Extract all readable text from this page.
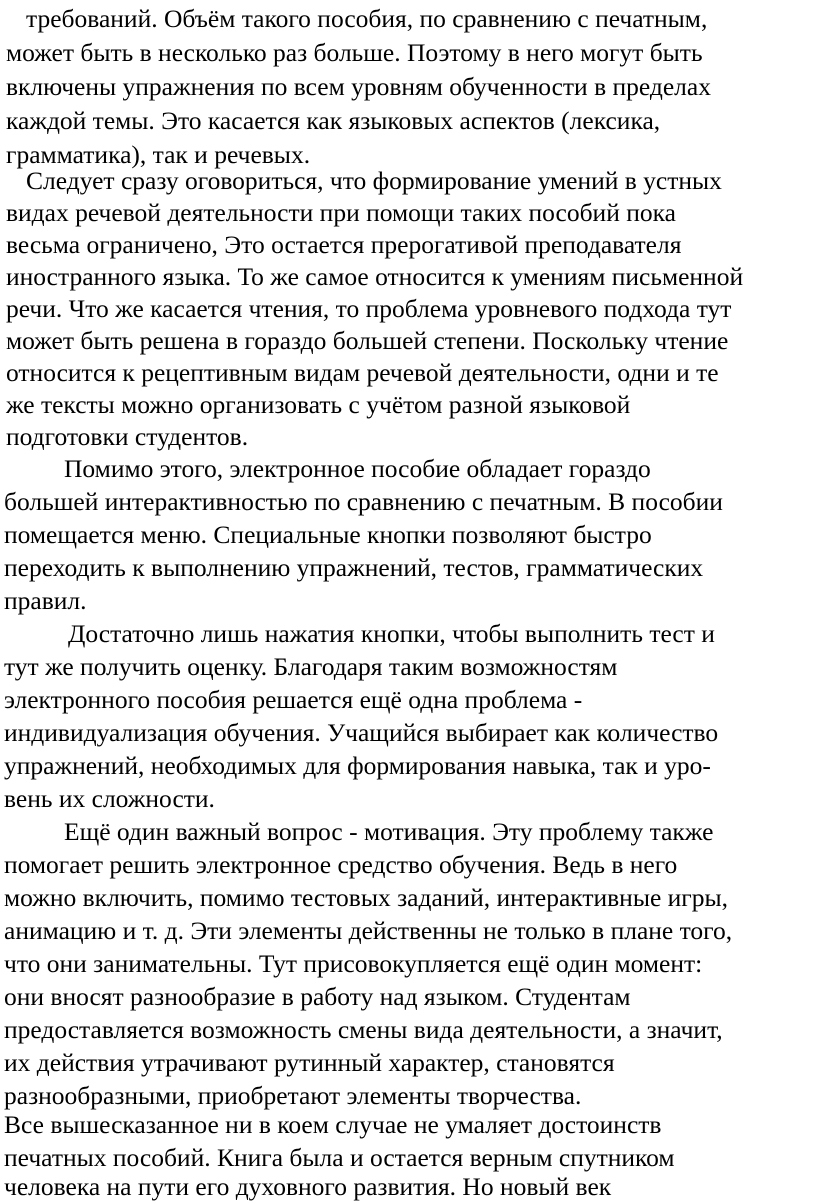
требований. Объём такого пособия, по сравнению с печатным,
может быть в несколько раз больше. Поэтому в него могут быть
включены упражнения по всем уровням обученности в пределах
каждой темы. Это касается как языковых аспектов (лексика,
грамматика), так и речевых.
Следует сразу оговориться, что формирование умений в устных
видах речевой деятельности при помощи таких пособий пока
весьма ограничено, Это остается прерогативой преподавателя
иностранного языка. То же самое относится к умениям письменной
речи. Что же касается чтения, то проблема уровневого подхода тут
может быть решена в гораздо большей степени. Поскольку чтение
относится к рецептивным видам речевой деятельности, одни и те
же тексты можно организовать с учётом разной языковой
подготовки студентов.
Помимо этого, электронное пособие обладает гораздо
большей интерактивностью по сравнению с печатным. В пособии
помещается меню. Специальные кнопки позволяют быстро
переходить к выполнению упражнений, тестов, грамматических
правил.
Достаточно лишь нажатия кнопки, чтобы выполнить тест и
тут же получить оценку. Благодаря таким возможностям
электронного пособия решается ещё одна проблема -
индивидуализация обучения. Учащийся выбирает как количество
упражнений, необходимых для формирования навыка, так и уро-
вень их сложности.
Ещё один важный вопрос - мотивация. Эту проблему также
помогает решить электронное средство обучения. Ведь в него
можно включить, помимо тестовых заданий, интерактивные игры,
анимацию и т. д. Эти элементы действенны не только в плане того,
что они занимательны. Тут присовокупляется ещё один момент:
они вносят разнообразие в работу над языком. Студентам
предоставляется возможность смены вида деятельности, а значит,
их действия утрачивают рутинный характер, становятся
разнообразными, приобретают элементы творчества.
Все вышесказанное ни в коем случае не умаляет достоинств
печатных пособий. Книга была и остается верным спутником
человека на пути его духовного развития. Но новый век
